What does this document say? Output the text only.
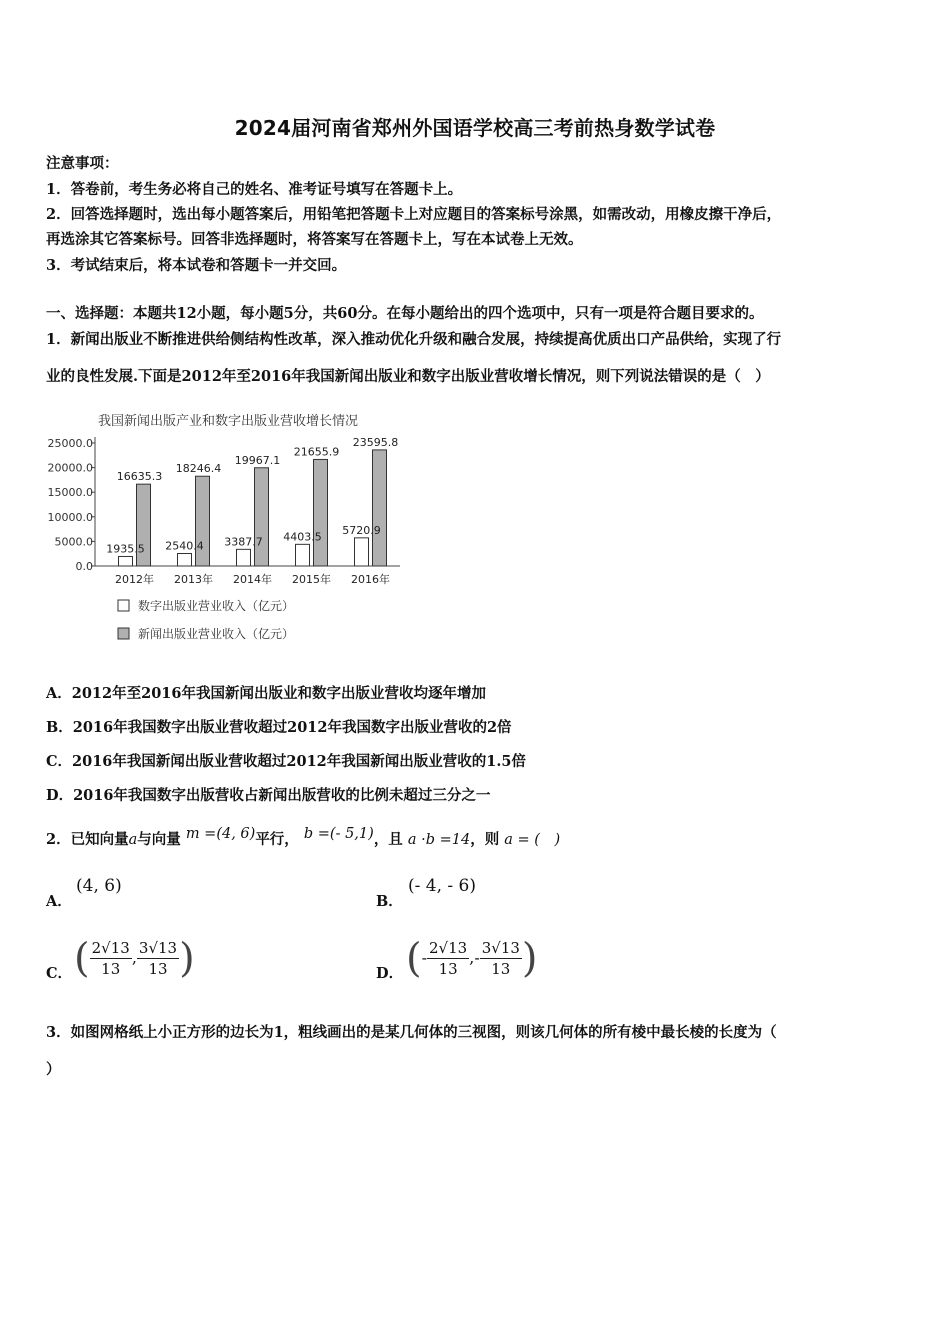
2024届河南省郑州外国语学校高三考前热身数学试卷
注意事项：
1．答卷前，考生务必将自己的姓名、准考证号填写在答题卡上。
2．回答选择题时，选出每小题答案后，用铅笔把答题卡上对应题目的答案标号涂黑，如需改动，用橡皮擦干净后，
再选涂其它答案标号。回答非选择题时，将答案写在答题卡上，写在本试卷上无效。
3．考试结束后，将本试卷和答题卡一并交回。
一、选择题：本题共12小题，每小题5分，共60分。在每小题给出的四个选项中，只有一项是符合题目要求的。
1．新闻出版业不断推进供给侧结构性改革，深入推动优化升级和融合发展，持续提高优质出口产品供给，实现了行
业的良性发展.下面是2012年至2016年我国新闻出版业和数字出版业营收增长情况，则下列说法错误的是（　）
我国新闻出版产业和数字出版业营收增长情况
0.0
5000.0
10000.0
15000.0
20000.0
25000.0
1935.5
16635.3
2012年
2540.4
18246.4
2013年
3387.7
19967.1
2014年
4403.5
21655.9
2015年
5720.9
23595.8
2016年
数字出版业营业收入（亿元）
新闻出版业营业收入（亿元）
A．2012年至2016年我国新闻出版业和数字出版业营收均逐年增加
B．2016年我国数字出版业营收超过2012年我国数字出版业营收的2倍
C．2016年我国新闻出版业营收超过2012年我国新闻出版业营收的1.5倍
D．2016年我国数字出版营收占新闻出版营收的比例未超过三分之一
2．已知向量a与向量 m =(4, 6)平行， b =(- 5,1)，且 a ·b =14，则 a = (　)
A．
(4, 6)
B．
(- 4, - 6)
C． ( $\frac{2√13}{13}$ , $\frac{3√13}{13}$ )	D． (- $\frac{2√13}{13}$ ,- $\frac{3√13}{13}$ )
3．如图网格纸上小正方形的边长为1，粗线画出的是某几何体的三视图，则该几何体的所有棱中最长棱的长度为（
）
